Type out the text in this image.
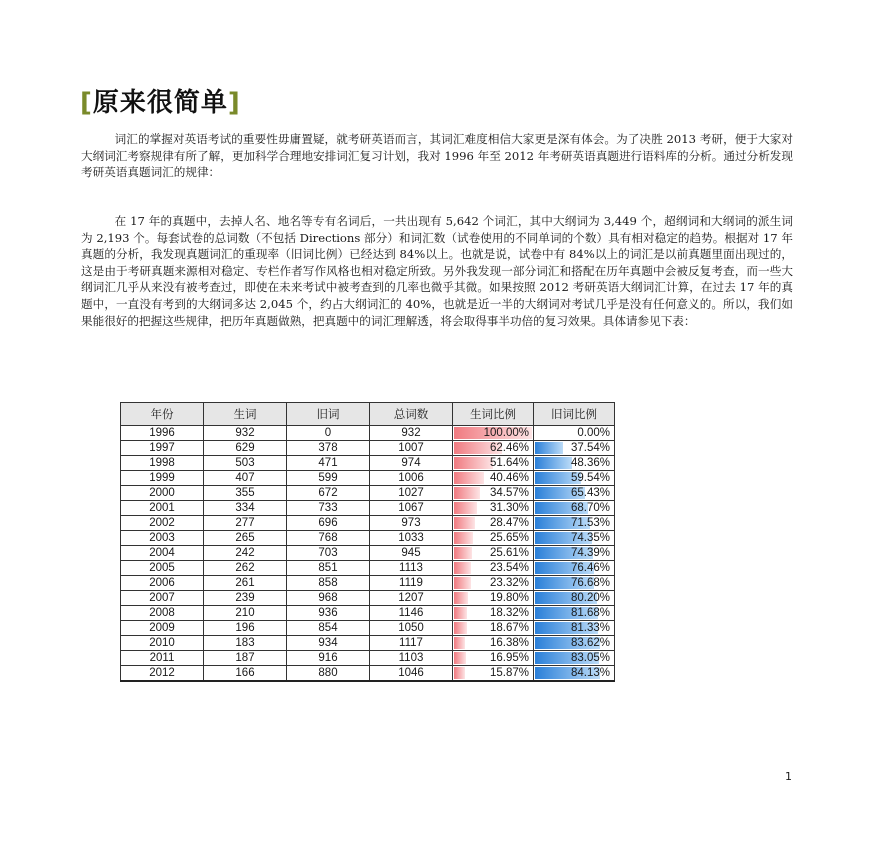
[原来很简单]

词汇的掌握对英语考试的重要性毋庸置疑，就考研英语而言，其词汇难度相信大家更是深有体会。为了决胜 2013 考研，便于大家对大纲词汇考察规律有所了解，更加科学合理地安排词汇复习计划，我对 1996 年至 2012 年考研英语真题进行语料库的分析。通过分析发现考研英语真题词汇的规律：

在 17 年的真题中，去掉人名、地名等专有名词后，一共出现有 5,642 个词汇，其中大纲词为 3,449 个，超纲词和大纲词的派生词为 2,193 个。每套试卷的总词数（不包括 Directions 部分）和词汇数（试卷使用的不同单词的个数）具有相对稳定的趋势。根据对 17 年真题的分析，我发现真题词汇的重现率（旧词比例）已经达到 84%以上。也就是说，试卷中有 84%以上的词汇是以前真题里面出现过的，这是由于考研真题来源相对稳定、专栏作者写作风格也相对稳定所致。另外我发现一部分词汇和搭配在历年真题中会被反复考查，而一些大纲词汇几乎从来没有被考查过，即使在未来考试中被考查到的几率也微乎其微。如果按照 2012 考研英语大纲词汇计算，在过去 17 年的真题中，一直没有考到的大纲词多达 2,045 个，约占大纲词汇的 40%，也就是近一半的大纲词对考试几乎是没有任何意义的。所以，我们如果能很好的把握这些规律，把历年真题做熟，把真题中的词汇理解透，将会取得事半功倍的复习效果。具体请参见下表：

年份	生词	旧词	总词数	生词比例	旧词比例
1996	932	0	932	100.00%	0.00%
1997	629	378	1007	62.46%	37.54%
1998	503	471	974	51.64%	48.36%
1999	407	599	1006	40.46%	59.54%
2000	355	672	1027	34.57%	65.43%
2001	334	733	1067	31.30%	68.70%
2002	277	696	973	28.47%	71.53%
2003	265	768	1033	25.65%	74.35%
2004	242	703	945	25.61%	74.39%
2005	262	851	1113	23.54%	76.46%
2006	261	858	1119	23.32%	76.68%
2007	239	968	1207	19.80%	80.20%
2008	210	936	1146	18.32%	81.68%
2009	196	854	1050	18.67%	81.33%
2010	183	934	1117	16.38%	83.62%
2011	187	916	1103	16.95%	83.05%
2012	166	880	1046	15.87%	84.13%
1
